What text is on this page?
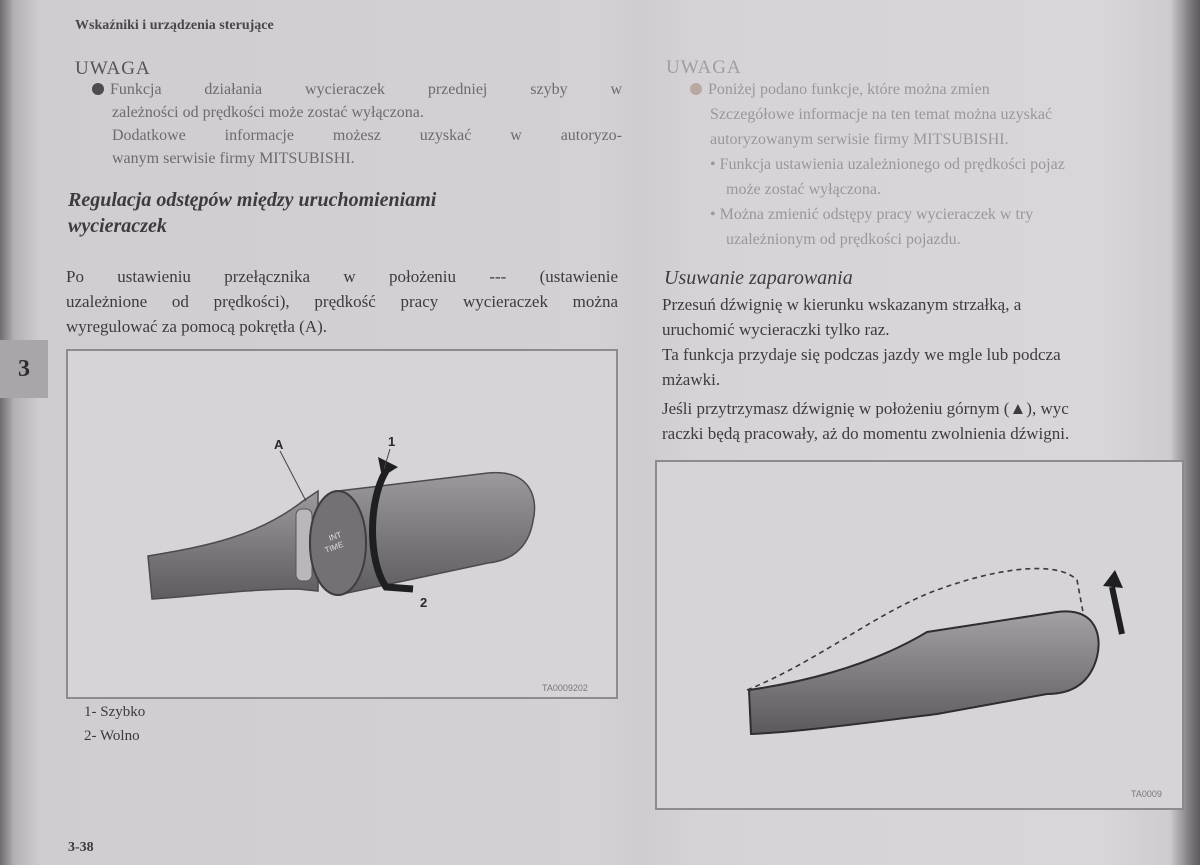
Wskaźniki i urządzenia sterujące
UWAGA
Funkcja działania wycieraczek przedniej szyby w
zależności od prędkości może zostać wyłączona.
Dodatkowe informacje możesz uzyskać w autoryzo-
wanym serwisie firmy MITSUBISHI.
Regulacja odstępów między uruchomieniami
wycieraczek
Po ustawieniu przełącznika w położeniu --- (ustawienie
uzależnione od prędkości), prędkość pracy wycieraczek można
wyregulować za pomocą pokrętła (A).
INT
TIME
A	1
2
TA0009202
1- Szybko
2- Wolno
3-38
3
UWAGA
Poniżej podano funkcje, które można zmien
Szczegółowe informacje na ten temat można uzyskać
autoryzowanym serwisie firmy MITSUBISHI.
• Funkcja ustawienia uzależnionego od prędkości pojaz
może zostać wyłączona.
• Można zmienić odstępy pracy wycieraczek w try
uzależnionym od prędkości pojazdu.
Usuwanie zaparowania
Przesuń dźwignię w kierunku wskazanym strzałką, a
uruchomić wycieraczki tylko raz.
Ta funkcja przydaje się podczas jazdy we mgle lub podcza
mżawki.
Jeśli przytrzymasz dźwignię w położeniu górnym (▲), wyc
raczki będą pracowały, aż do momentu zwolnienia dźwigni.
TA0009
